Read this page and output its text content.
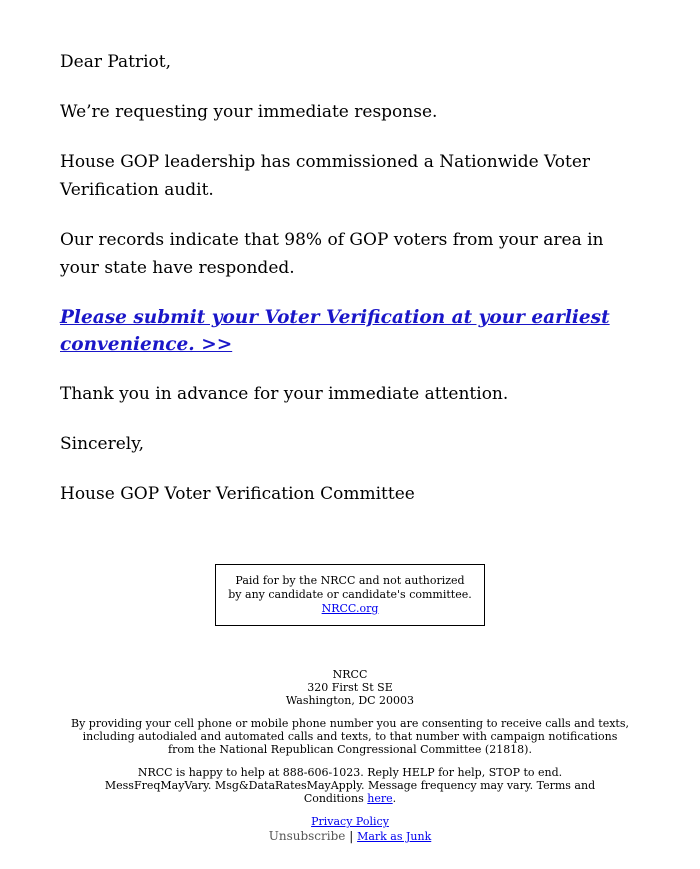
Dear Patriot,

We’re requesting your immediate response.

House GOP leadership has commissioned a Nationwide Voter Verification audit.

Our records indicate that 98% of GOP voters from your area in your state have responded.

Please submit your Voter Verification at your earliest convenience. >>

Thank you in advance for your immediate attention.

Sincerely,

House GOP Voter Verification Committee

Paid for by the NRCC and not authorized by any candidate or candidate's committee. NRCC.org
NRCC
320 First St SE
Washington, DC 20003
By providing your cell phone or mobile phone number you are consenting to receive calls and texts, including autodialed and automated calls and texts, to that number with campaign notifications from the National Republican Congressional Committee (21818).
NRCC is happy to help at 888-606-1023. Reply HELP for help, STOP to end. MessFreqMayVary. Msg&DataRatesMayApply. Message frequency may vary. Terms and Conditions here.
Privacy Policy
Unsubscribe | Mark as Junk
